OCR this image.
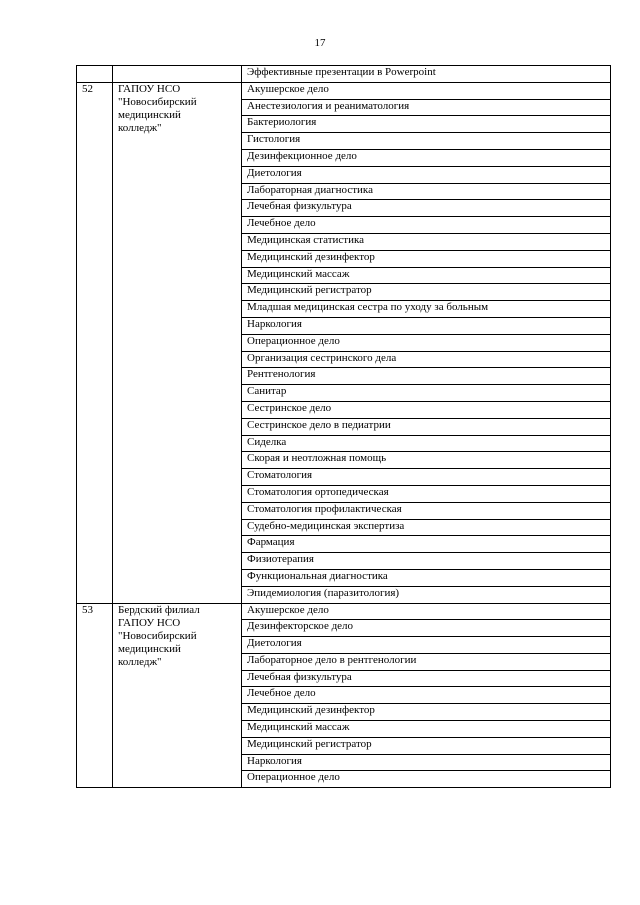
17
		Эффективные презентации в Powerpoint
52	ГАПОУ НСО
"Новосибирский
медицинский
колледж"	Акушерское дело
		Анестезиология и реаниматология
		Бактериология
		Гистология
		Дезинфекционное дело
		Диетология
		Лабораторная диагностика
		Лечебная физкультура
		Лечебное дело
		Медицинская статистика
		Медицинский дезинфектор
		Медицинский массаж
		Медицинский регистратор
		Младшая медицинская сестра по уходу за больным
		Наркология
		Операционное дело
		Организация сестринского дела
		Рентгенология
		Санитар
		Сестринское дело
		Сестринское дело в педиатрии
		Сиделка
		Скорая и неотложная помощь
		Стоматология
		Стоматология ортопедическая
		Стоматология профилактическая
		Судебно-медицинская экспертиза
		Фармация
		Физиотерапия
		Функциональная диагностика
		Эпидемиология (паразитология)
53	Бердский филиал
ГАПОУ НСО
"Новосибирский
медицинский
колледж"	Акушерское дело
		Дезинфекторское дело
		Диетология
		Лабораторное дело в рентгенологии
		Лечебная физкультура
		Лечебное дело
		Медицинский дезинфектор
		Медицинский массаж
		Медицинский регистратор
		Наркология
		Операционное дело
